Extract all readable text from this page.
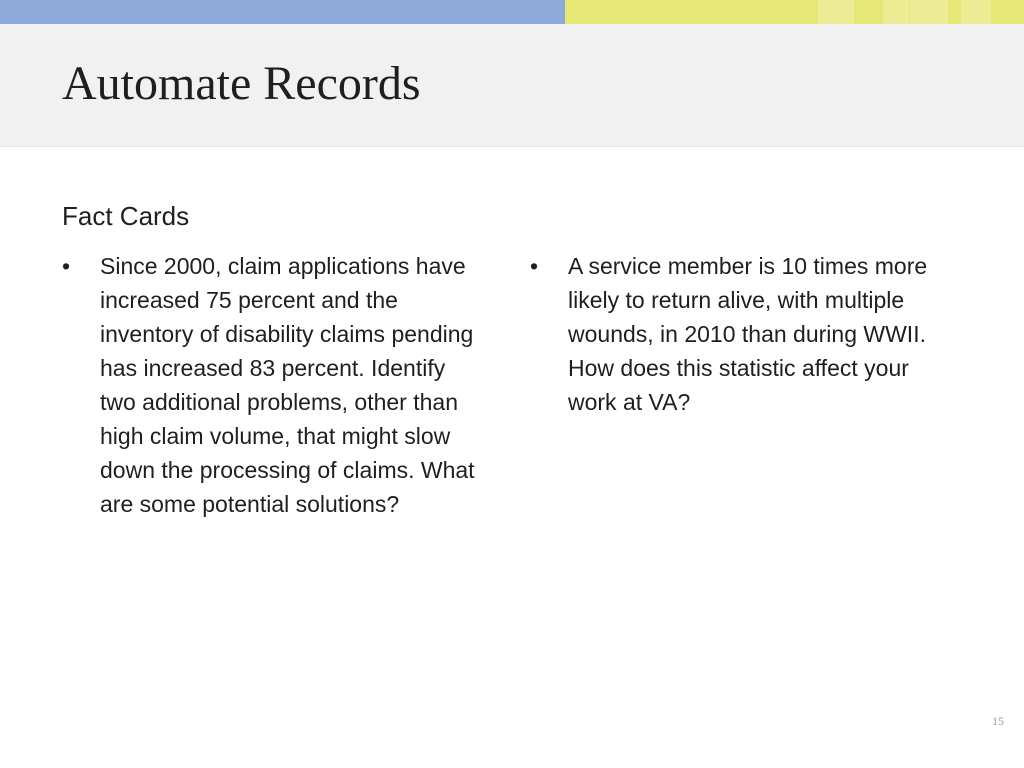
Automate Records
Fact Cards
•	Since 2000, claim applications have increased 75 percent and the inventory of disability claims pending has increased 83 percent. Identify two additional problems, other than high claim volume, that might slow down the processing of claims. What are some potential solutions?
•	A service member is 10 times more likely to return alive, with multiple wounds, in 2010 than during WWII. How does this statistic affect your work at VA?
15
